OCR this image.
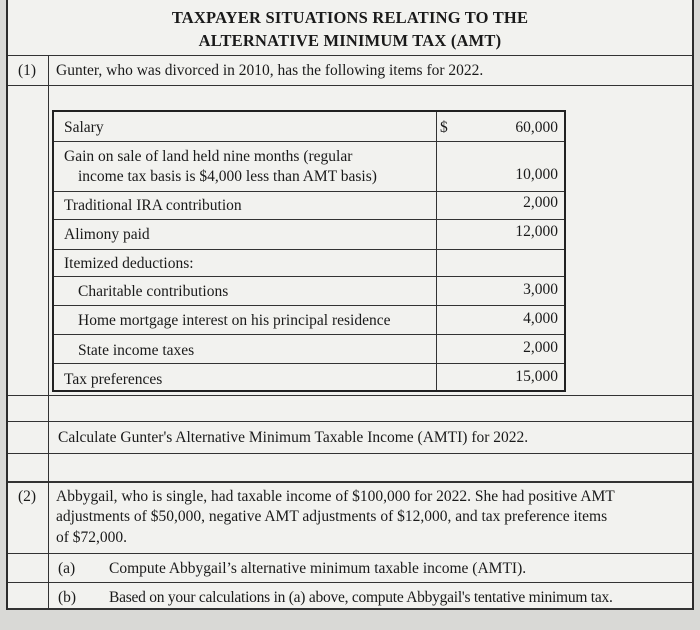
TAXPAYER SITUATIONS RELATING TO THE
ALTERNATIVE MINIMUM TAX (AMT)
(1) Gunter, who was divorced in 2010, has the following items for 2022.
Salary	$	60,000
Gain on sale of land held nine months (regular
income tax basis is $4,000 less than AMT basis)	10,000
Traditional IRA contribution	2,000
Alimony paid	12,000
Itemized deductions:
Charitable contributions	3,000
Home mortgage interest on his principal residence	4,000
State income taxes	2,000
Tax preferences	15,000
Calculate Gunter's Alternative Minimum Taxable Income (AMTI) for 2022.
(2) Abbygail, who is single, had taxable income of $100,000 for 2022. She had positive AMT
adjustments of $50,000, negative AMT adjustments of $12,000, and tax preference items
of $72,000.
(a) Compute Abbygail’s alternative minimum taxable income (AMTI).
(b) Based on your calculations in (a) above, compute Abbygail's tentative minimum tax.
